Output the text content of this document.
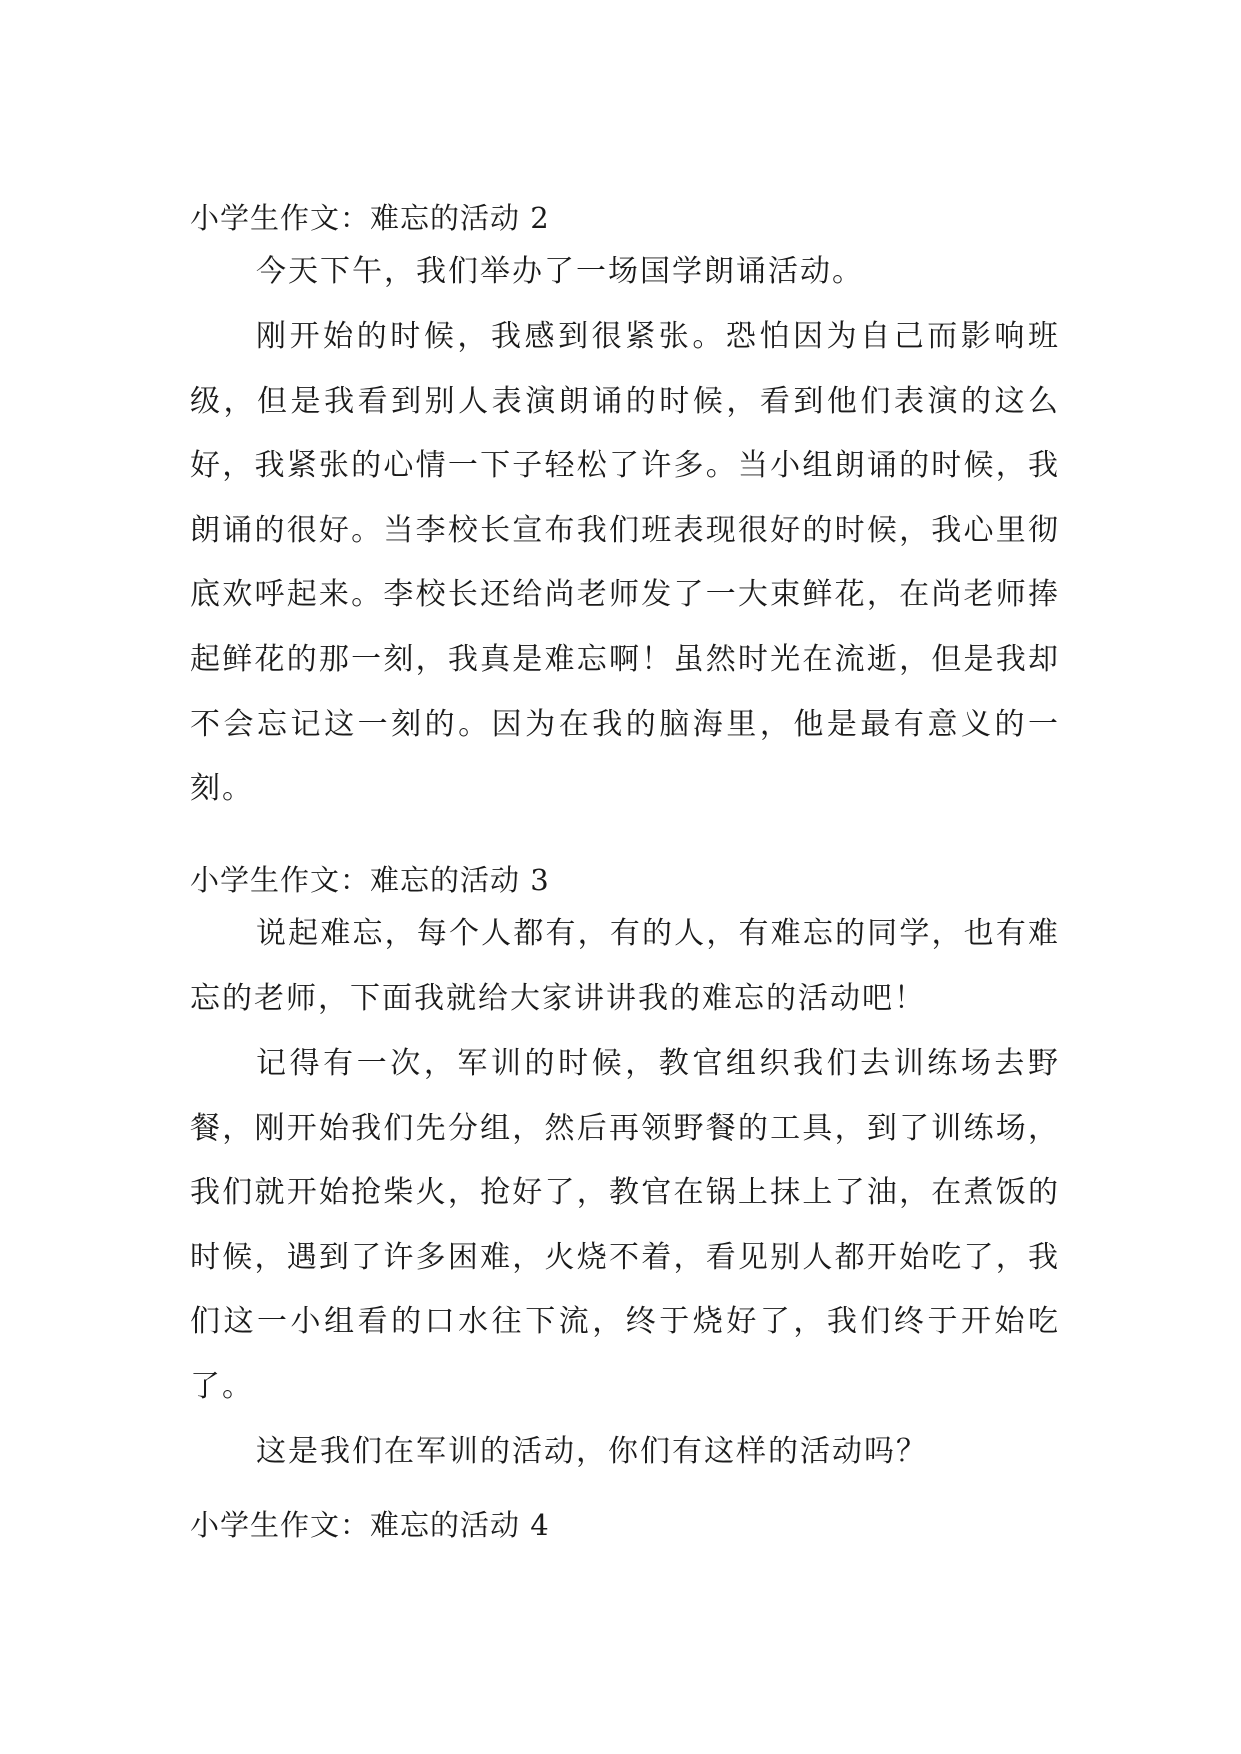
小学生作文：难忘的活动 2

今天下午，我们举办了一场国学朗诵活动。

刚开始的时候，我感到很紧张。恐怕因为自己而影响班级，但是我看到别人表演朗诵的时候，看到他们表演的这么好，我紧张的心情一下子轻松了许多。当小组朗诵的时候，我朗诵的很好。当李校长宣布我们班表现很好的时候，我心里彻底欢呼起来。李校长还给尚老师发了一大束鲜花，在尚老师捧起鲜花的那一刻，我真是难忘啊！虽然时光在流逝，但是我却不会忘记这一刻的。因为在我的脑海里，他是最有意义的一刻。

小学生作文：难忘的活动 3

说起难忘，每个人都有，有的人，有难忘的同学，也有难忘的老师，下面我就给大家讲讲我的难忘的活动吧！

记得有一次，军训的时候，教官组织我们去训练场去野餐，刚开始我们先分组，然后再领野餐的工具，到了训练场，我们就开始抢柴火，抢好了，教官在锅上抹上了油，在煮饭的时候，遇到了许多困难，火烧不着，看见别人都开始吃了，我们这一小组看的口水往下流，终于烧好了，我们终于开始吃了。

这是我们在军训的活动，你们有这样的活动吗？

小学生作文：难忘的活动 4
